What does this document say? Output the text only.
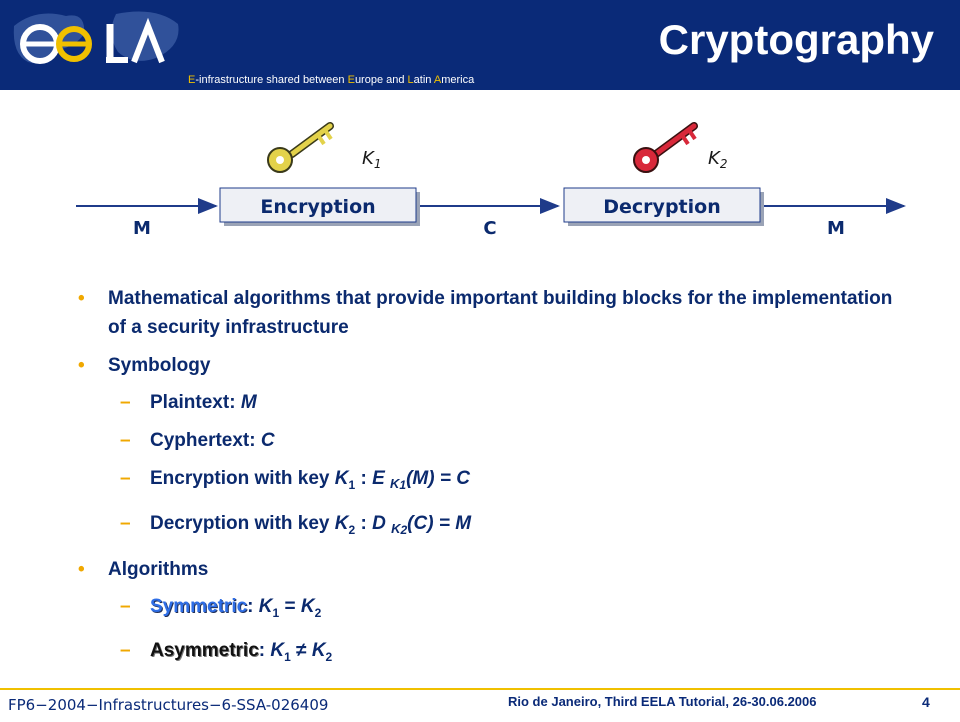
E-infrastructure shared between Europe and Latin America
Cryptography
Encryption	Decryption
M	C	M
$K_1$	$K_2$
• Mathematical algorithms that provide important building blocks for the implementation of a security infrastructure
• Symbology
– Plaintext: M
– Cyphertext: C
– Encryption with key $K_1$ : E $_{K1}$(M) = C
– Decryption with key $K_2$ : D $_{K2}$(C) = M
• Algorithms
– Symmetric: $K_1 = K_2$
– Asymmetric: $K_1 \ne K_2$
FP6−2004−Infrastructures−6-SSA-026409	Rio de Janeiro, Third EELA Tutorial, 26-30.06.2006	4
